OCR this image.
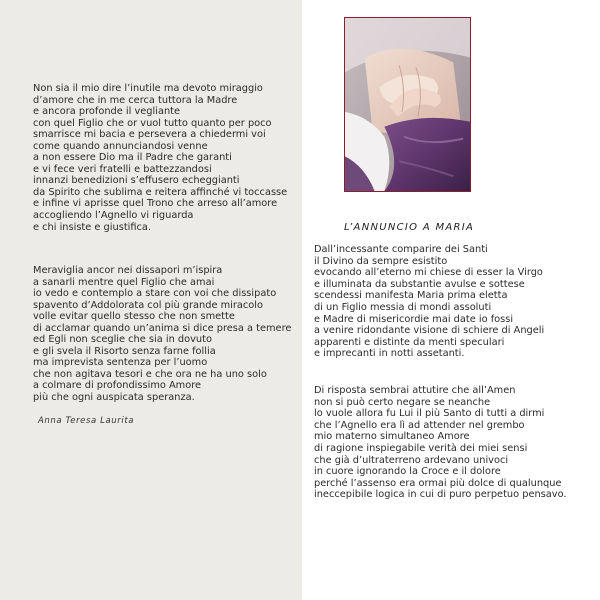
Non sia il mio dire l’inutile ma devoto miraggio
d’amore che in me cerca tuttora la Madre
e ancora profonde il vegliante
con quel Figlio che or vuol tutto quanto per poco
smarrisce mi bacia e persevera a chiedermi voi
come quando annunciandosi venne
a non essere Dio ma il Padre che garanti
e vi fece veri fratelli e battezzandosi
innanzi benedizioni s’effusero echeggianti
da Spirito che sublima e reitera affinché vi toccasse
e infine vi aprisse quel Trono che arreso all’amore
accogliendo l’Agnello vi riguarda
e chi insiste e giustifica.
Meraviglia ancor nei dissapori m’ispira
a sanarli mentre quel Figlio che amai
io vedo e contemplo a stare con voi che dissipato
spavento d’Addolorata col più grande miracolo
volle evitar quello stesso che non smette
di acclamar quando un’anima si dice presa a temere
ed Egli non sceglie che sia in dovuto
e gli svela il Risorto senza farne follia
ma imprevista sentenza per l’uomo
che non agitava tesori e che ora ne ha uno solo
a colmare di profondissimo Amore
più che ogni auspicata speranza.
Anna Teresa Laurita
L’ANNUNCIO A MARIA
Dall’incessante comparire dei Santi
il Divino da sempre esistito
evocando all’eterno mi chiese di esser la Virgo
e illuminata da substantie avulse e sottese
scendessi manifesta Maria prima eletta
di un Figlio messia di mondi assoluti
e Madre di misericordie mai date io fossi
a venire ridondante visione di schiere di Angeli
apparenti e distinte da menti speculari
e imprecanti in notti assetanti.
Di risposta sembrai attutire che all’Amen
non si può certo negare se neanche
lo vuole allora fu Lui il più Santo di tutti a dirmi
che l’Agnello era lì ad attender nel grembo
mio materno simultaneo Amore
di ragione inspiegabile verità dei miei sensi
che già d’ultraterreno ardevano univoci
in cuore ignorando la Croce e il dolore
perché l’assenso era ormai più dolce di qualunque
ineccepibile logica in cui di puro perpetuo pensavo.
